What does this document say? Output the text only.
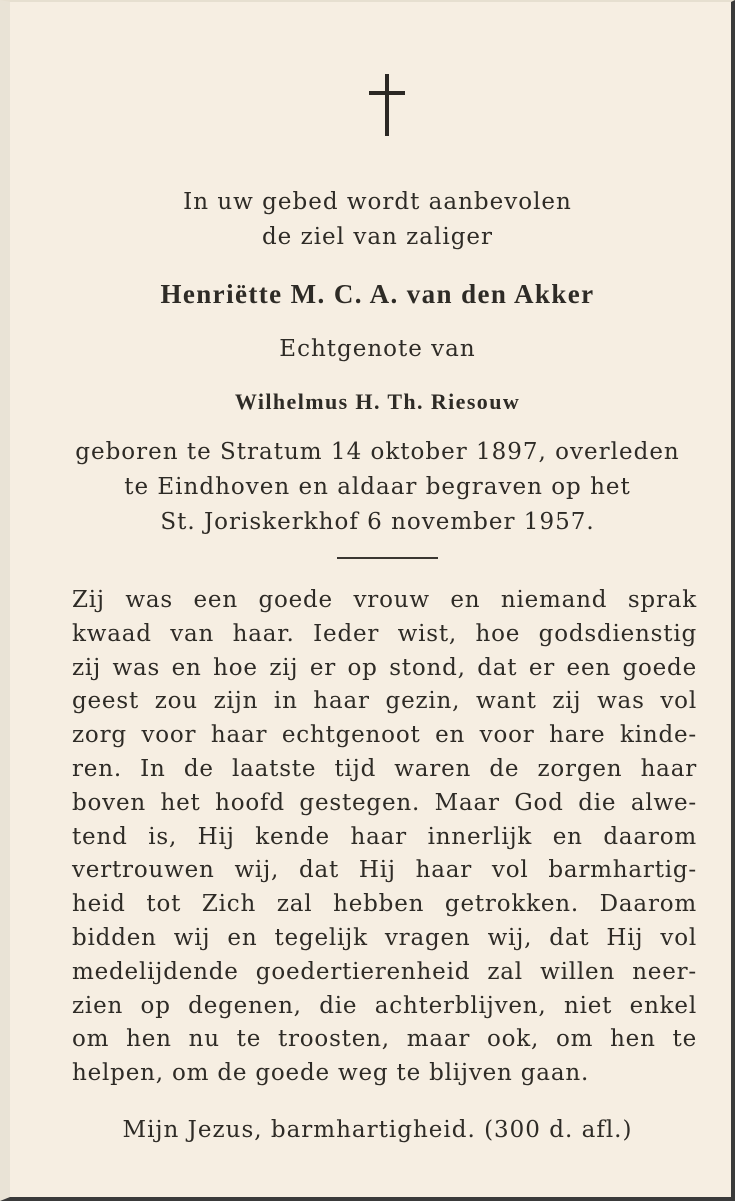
In uw gebed wordt aanbevolen
de ziel van zaliger
Henriëtte M. C. A. van den Akker
Echtgenote van
Wilhelmus H. Th. Riesouw
geboren te Stratum 14 oktober 1897, overleden
te Eindhoven en aldaar begraven op het
St. Joriskerkhof 6 november 1957.
Zij was een goede vrouw en niemand sprak
kwaad van haar. Ieder wist, hoe godsdienstig
zij was en hoe zij er op stond, dat er een goede
geest zou zijn in haar gezin, want zij was vol
zorg voor haar echtgenoot en voor hare kinde-
ren. In de laatste tijd waren de zorgen haar
boven het hoofd gestegen. Maar God die alwe-
tend is, Hij kende haar innerlijk en daarom
vertrouwen wij, dat Hij haar vol barmhartig-
heid tot Zich zal hebben getrokken. Daarom
bidden wij en tegelijk vragen wij, dat Hij vol
medelijdende goedertierenheid zal willen neer-
zien op degenen, die achterblijven, niet enkel
om hen nu te troosten, maar ook, om hen te
helpen, om de goede weg te blijven gaan.
Mijn Jezus, barmhartigheid. (300 d. afl.)
